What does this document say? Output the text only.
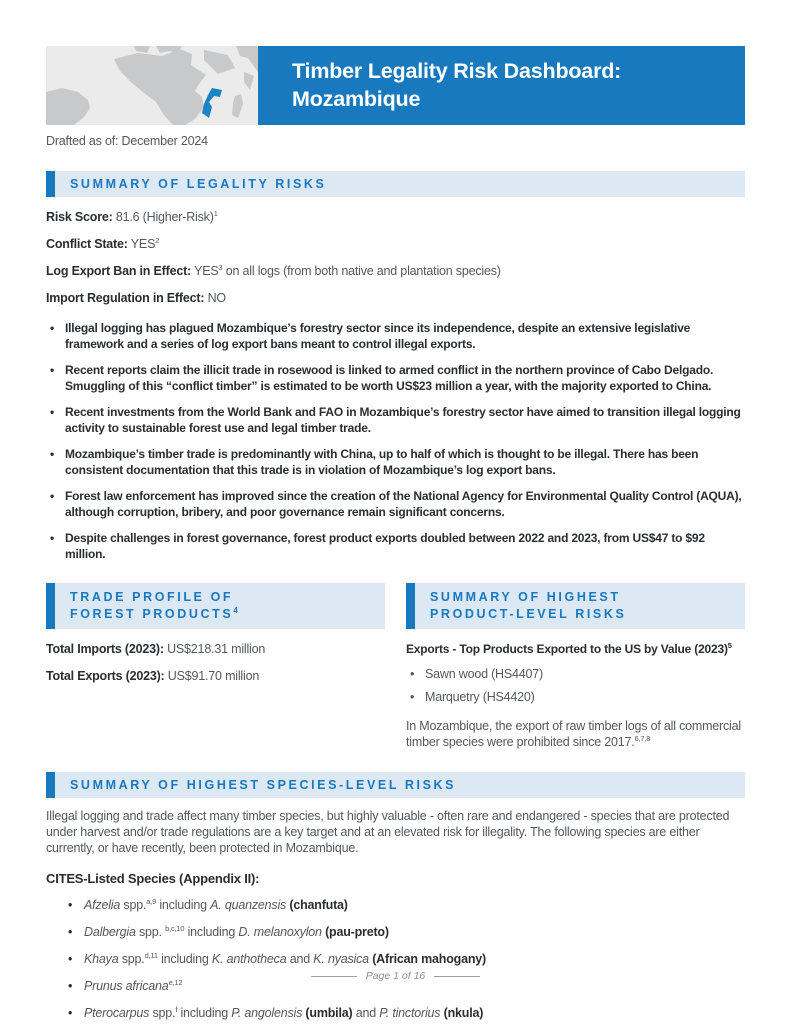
Timber Legality Risk Dashboard:
Mozambique
Drafted as of: December 2024
SUMMARY OF LEGALITY RISKS

Risk Score: 81.6 (Higher-Risk)$^1$

Conflict State: YES$^2$

Log Export Ban in Effect: YES$^3$ on all logs (from both native and plantation species)

Import Regulation in Effect: NO

• Illegal logging has plagued Mozambique’s forestry sector since its independence, despite an extensive legislative framework and a series of log export bans meant to control illegal exports.
• Recent reports claim the illicit trade in rosewood is linked to armed conflict in the northern province of Cabo Delgado. Smuggling of this “conflict timber” is estimated to be worth US$23 million a year, with the majority exported to China.
• Recent investments from the World Bank and FAO in Mozambique’s forestry sector have aimed to transition illegal logging activity to sustainable forest use and legal timber trade.
• Mozambique’s timber trade is predominantly with China, up to half of which is thought to be illegal. There has been consistent documentation that this trade is in violation of Mozambique’s log export bans.
• Forest law enforcement has improved since the creation of the National Agency for Environmental Quality Control (AQUA), although corruption, bribery, and poor governance remain significant concerns.
• Despite challenges in forest governance, forest product exports doubled between 2022 and 2023, from US$47 to $92 million.
TRADE PROFILE OF
FOREST PRODUCTS$^4$

Total Imports (2023): US$218.31 million

Total Exports (2023): US$91.70 million

SUMMARY OF HIGHEST
PRODUCT-LEVEL RISKS

Exports - Top Products Exported to the US by Value $(2023)^5$

• Sawn wood (HS4407)
• Marquetry (HS4420)

In Mozambique, the export of raw timber logs of all commercial timber species were prohibited since 2017.$^{6,7,8}$

SUMMARY OF HIGHEST SPECIES-LEVEL RISKS

Illegal logging and trade affect many timber species, but highly valuable - often rare and endangered - species that are protected under harvest and/or trade regulations are a key target and at an elevated risk for illegality. The following species are either currently, or have recently, been protected in Mozambique.

CITES-Listed Species (Appendix II):

• Afzelia spp.$^{a,9}$ including A. quanzensis (chanfuta)
• Dalbergia spp. $^{b,c,10}$ including D. melanoxylon (pau-preto)
• Khaya spp.$^{d,11}$ including K. anthotheca and K. nyasica (African mahogany)
• Prunus africana$^{e,12}$
• Pterocarpus spp.$^f$ including P. angolensis (umbila) and P. tinctorius (nkula)
Page 1 of 16
